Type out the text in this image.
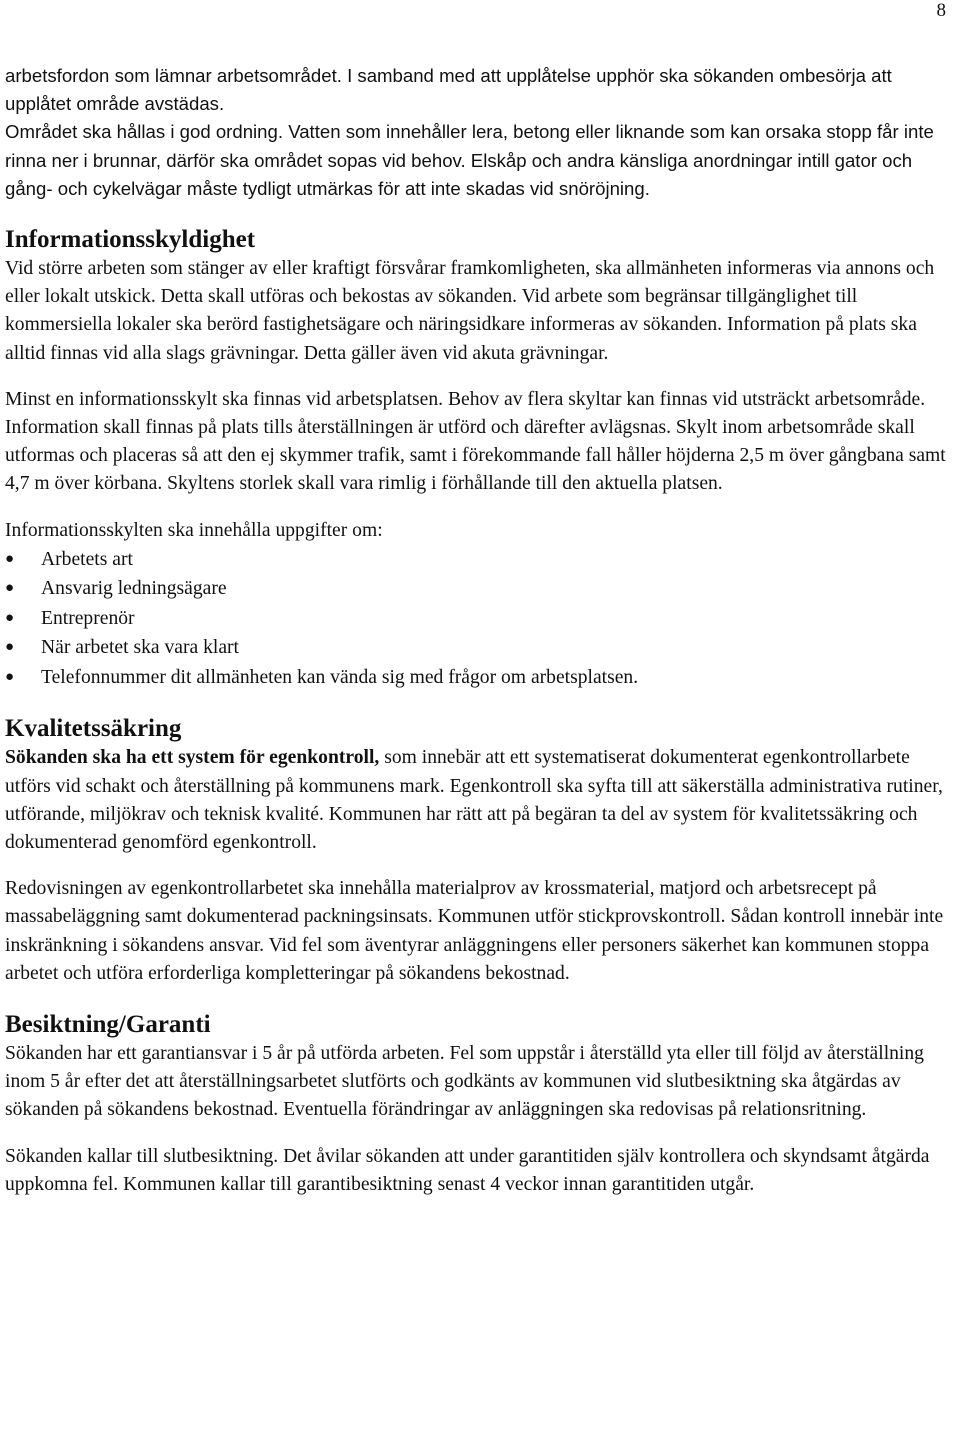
8

arbetsfordon som lämnar arbetsområdet. I samband med att upplåtelse upphör ska sökanden ombesörja att upplåtet område avstädas.

Området ska hållas i god ordning. Vatten som innehåller lera, betong eller liknande som kan orsaka stopp får inte rinna ner i brunnar, därför ska området sopas vid behov. Elskåp och andra känsliga anordningar intill gator och gång- och cykelvägar måste tydligt utmärkas för att inte skadas vid snöröjning.

Informationsskyldighet

Vid större arbeten som stänger av eller kraftigt försvårar framkomligheten, ska allmänheten informeras via annons och eller lokalt utskick. Detta skall utföras och bekostas av sökanden. Vid arbete som begränsar tillgänglighet till kommersiella lokaler ska berörd fastighetsägare och näringsidkare informeras av sökanden. Information på plats ska alltid finnas vid alla slags grävningar. Detta gäller även vid akuta grävningar.

Minst en informationsskylt ska finnas vid arbetsplatsen. Behov av flera skyltar kan finnas vid utsträckt arbetsområde. Information skall finnas på plats tills återställningen är utförd och därefter avlägsnas. Skylt inom arbetsområde skall utformas och placeras så att den ej skymmer trafik, samt i förekommande fall håller höjderna 2,5 m över gångbana samt 4,7 m över körbana. Skyltens storlek skall vara rimlig i förhållande till den aktuella platsen.

Informationsskylten ska innehålla uppgifter om:

● Arbetets art
● Ansvarig ledningsägare
● Entreprenör
● När arbetet ska vara klart
● Telefonnummer dit allmänheten kan vända sig med frågor om arbetsplatsen.
Kvalitetssäkring

Sökanden ska ha ett system för egenkontroll, som innebär att ett systematiserat dokumenterat egenkontrollarbete utförs vid schakt och återställning på kommunens mark. Egenkontroll ska syfta till att säkerställa administrativa rutiner, utförande, miljökrav och teknisk kvalité. Kommunen har rätt att på begäran ta del av system för kvalitetssäkring och dokumenterad genomförd egenkontroll.

Redovisningen av egenkontrollarbetet ska innehålla materialprov av krossmaterial, matjord och arbetsrecept på massabeläggning samt dokumenterad packningsinsats. Kommunen utför stickprovskontroll. Sådan kontroll innebär inte inskränkning i sökandens ansvar. Vid fel som äventyrar anläggningens eller personers säkerhet kan kommunen stoppa arbetet och utföra erforderliga kompletteringar på sökandens bekostnad.

Besiktning/Garanti

Sökanden har ett garantiansvar i 5 år på utförda arbeten. Fel som uppstår i återställd yta eller till följd av återställning inom 5 år efter det att återställningsarbetet slutförts och godkänts av kommunen vid slutbesiktning ska åtgärdas av sökanden på sökandens bekostnad. Eventuella förändringar av anläggningen ska redovisas på relationsritning.

Sökanden kallar till slutbesiktning. Det åvilar sökanden att under garantitiden själv kontrollera och skyndsamt åtgärda uppkomna fel. Kommunen kallar till garantibesiktning senast 4 veckor innan garantitiden utgår.
